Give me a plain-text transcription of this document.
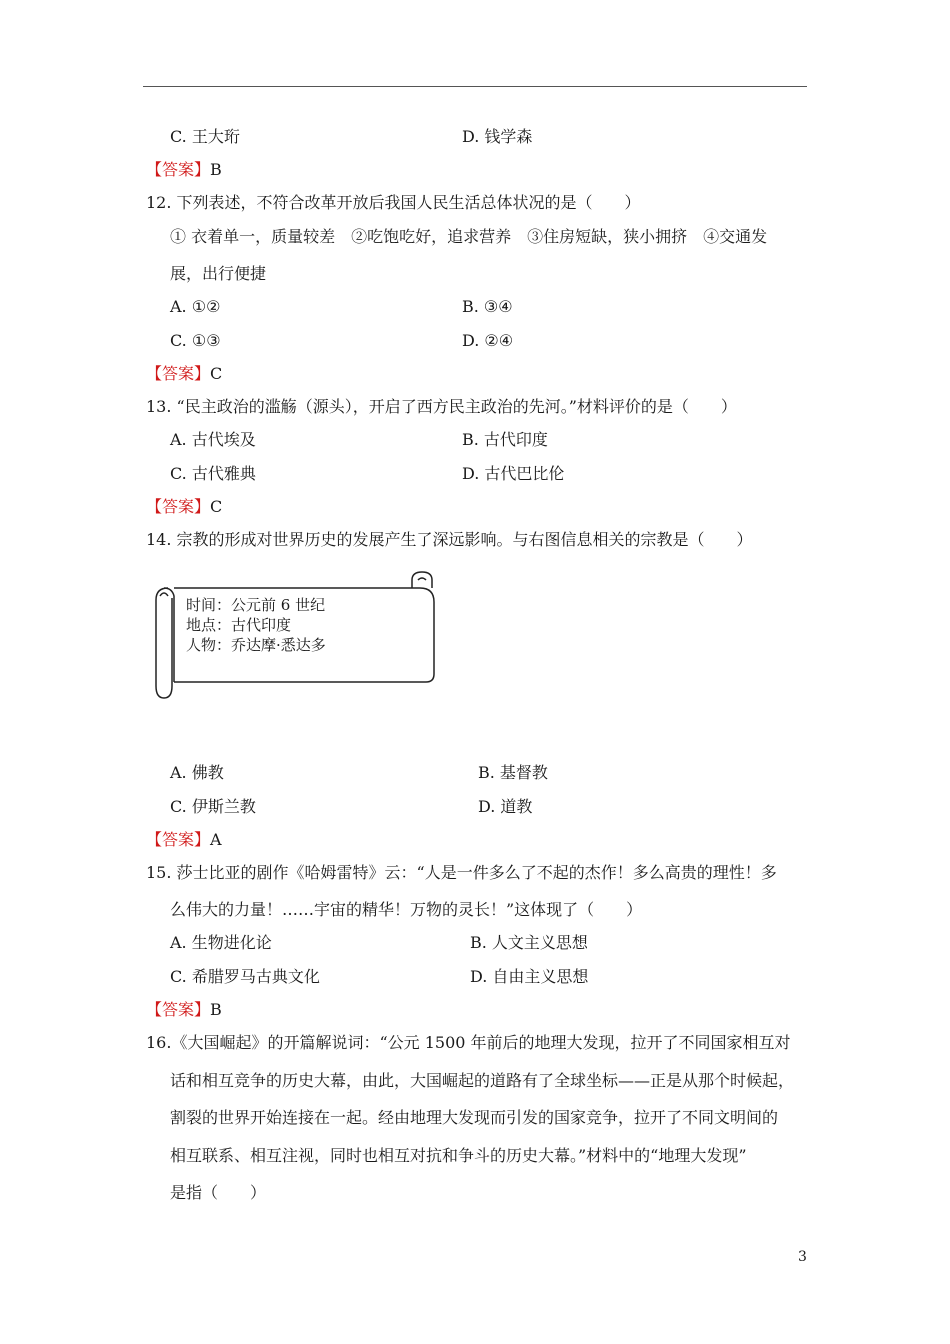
C. 王大珩	D. 钱学森
【答案】B
12. 下列表述，不符合改革开放后我国人民生活总体状况的是（　　）
① 衣着单一，质量较差　②吃饱吃好，追求营养　③住房短缺，狭小拥挤　④交通发
展，出行便捷
A. ①②	B. ③④
C. ①③	D. ②④
【答案】C
13. “民主政治的滥觞（源头），开启了西方民主政治的先河。”材料评价的是（　　）
A. 古代埃及	B. 古代印度
C. 古代雅典	D. 古代巴比伦
【答案】C
14. 宗教的形成对世界历史的发展产生了深远影响。与右图信息相关的宗教是（　　）
时间：公元前 6 世纪
地点：古代印度
人物：乔达摩·悉达多
A. 佛教	B. 基督教
C. 伊斯兰教	D. 道教
【答案】A
15. 莎士比亚的剧作《哈姆雷特》云：“人是一件多么了不起的杰作！多么高贵的理性！多
么伟大的力量！……宇宙的精华！万物的灵长！”这体现了（　　）
A. 生物进化论	B. 人文主义思想
C. 希腊罗马古典文化	D. 自由主义思想
【答案】B
16.《大国崛起》的开篇解说词：“公元 1500 年前后的地理大发现，拉开了不同国家相互对
话和相互竞争的历史大幕，由此，大国崛起的道路有了全球坐标——正是从那个时候起，
割裂的世界开始连接在一起。经由地理大发现而引发的国家竞争，拉开了不同文明间的
相互联系、相互注视，同时也相互对抗和争斗的历史大幕。”材料中的“地理大发现”
是指（　　）
3
